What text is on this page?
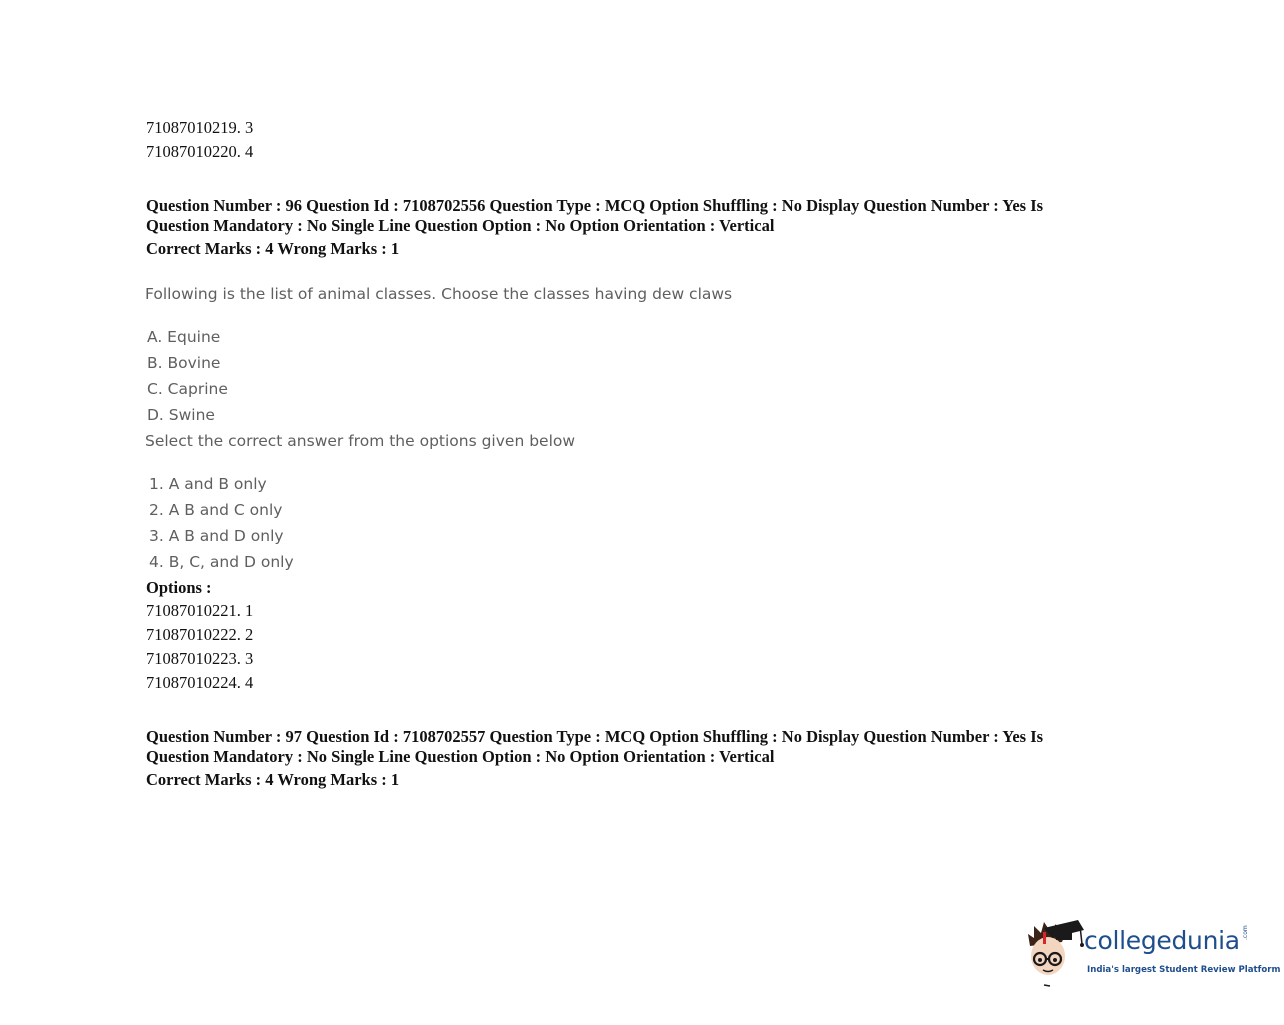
71087010219. 3
71087010220. 4
Question Number : 96 Question Id : 7108702556 Question Type : MCQ Option Shuffling : No Display Question Number : Yes Is
Question Mandatory : No Single Line Question Option : No Option Orientation : Vertical
Correct Marks : 4 Wrong Marks : 1
Following is the list of animal classes. Choose the classes having dew claws
A. Equine
B. Bovine
C. Caprine
D. Swine
Select the correct answer from the options given below
1. A and B only
2. A B and C only
3. A B and D only
4. B, C, and D only
Options :
71087010221. 1
71087010222. 2
71087010223. 3
71087010224. 4
Question Number : 97 Question Id : 7108702557 Question Type : MCQ Option Shuffling : No Display Question Number : Yes Is
Question Mandatory : No Single Line Question Option : No Option Orientation : Vertical
Correct Marks : 4 Wrong Marks : 1
collegedunia .com
India's largest Student Review Platform
